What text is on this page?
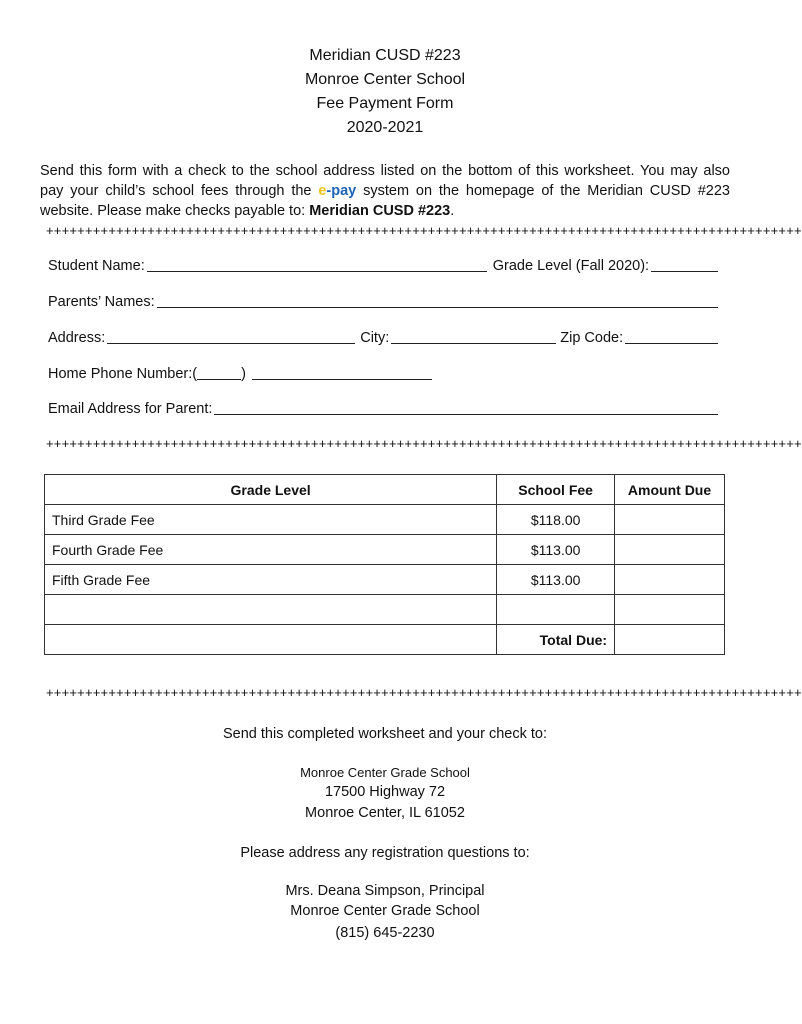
Meridian CUSD #223
Monroe Center School
Fee Payment Form
2020-2021
Send this form with a check to the school address listed on the bottom of this worksheet. You may also
pay your child’s school fees through the e-pay system on the homepage of the Meridian CUSD #223
website. Please make checks payable to: Meridian CUSD #223.
+++++++++++++++++++++++++++++++++++++++++++++++++++++++++++++++++++++++++++++++++++++++++++++++++
Student Name:	Grade Level (Fall 2020):
Parents’ Names:
Address:	City:	Zip Code:
Home Phone Number:(	)
Email Address for Parent:
+++++++++++++++++++++++++++++++++++++++++++++++++++++++++++++++++++++++++++++++++++++++++++++++++
Grade Level	School Fee	Amount Due
Third Grade Fee	$118.00	
Fourth Grade Fee	$113.00	
Fifth Grade Fee	$113.00	

	Total Due:	
+++++++++++++++++++++++++++++++++++++++++++++++++++++++++++++++++++++++++++++++++++++++++++++++++
Send this completed worksheet and your check to:
Monroe Center Grade School
17500 Highway 72
Monroe Center, IL 61052
Please address any registration questions to:
Mrs. Deana Simpson, Principal
Monroe Center Grade School
(815) 645-2230
